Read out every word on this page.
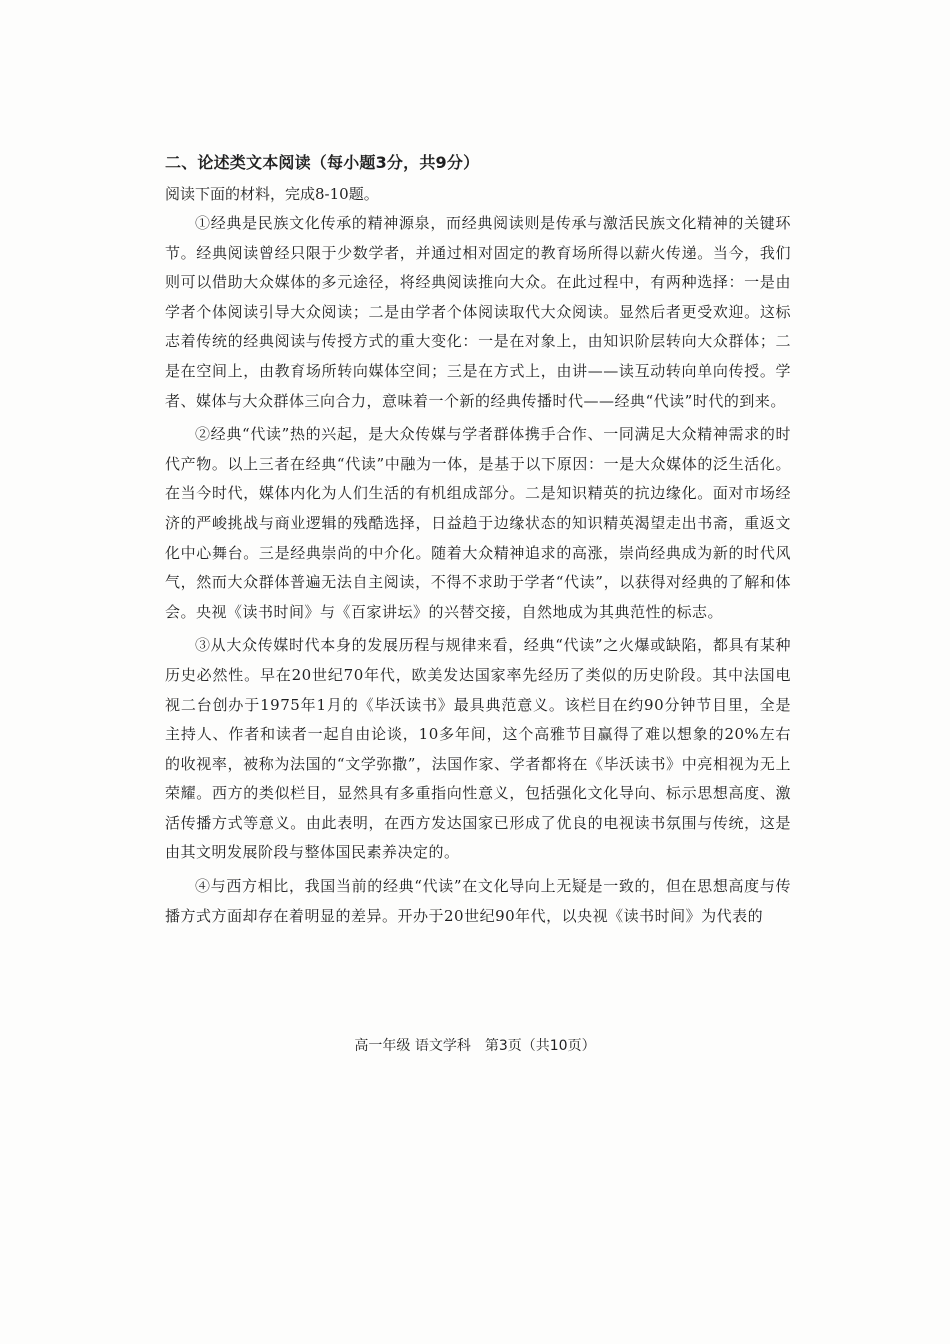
二、论述类文本阅读（每小题3分，共9分）

阅读下面的材料，完成8-10题。

①经典是民族文化传承的精神源泉，而经典阅读则是传承与激活民族文化精神的关键环节。经典阅读曾经只限于少数学者，并通过相对固定的教育场所得以薪火传递。当今，我们则可以借助大众媒体的多元途径，将经典阅读推向大众。在此过程中，有两种选择：一是由学者个体阅读引导大众阅读；二是由学者个体阅读取代大众阅读。显然后者更受欢迎。这标志着传统的经典阅读与传授方式的重大变化：一是在对象上，由知识阶层转向大众群体；二是在空间上，由教育场所转向媒体空间；三是在方式上，由讲——读互动转向单向传授。学者、媒体与大众群体三向合力，意味着一个新的经典传播时代——经典“代读”时代的到来。

②经典“代读”热的兴起，是大众传媒与学者群体携手合作、一同满足大众精神需求的时代产物。以上三者在经典“代读”中融为一体，是基于以下原因：一是大众媒体的泛生活化。在当今时代，媒体内化为人们生活的有机组成部分。二是知识精英的抗边缘化。面对市场经济的严峻挑战与商业逻辑的残酷选择，日益趋于边缘状态的知识精英渴望走出书斋，重返文化中心舞台。三是经典崇尚的中介化。随着大众精神追求的高涨，崇尚经典成为新的时代风气，然而大众群体普遍无法自主阅读，不得不求助于学者“代读”，以获得对经典的了解和体会。央视《读书时间》与《百家讲坛》的兴替交接，自然地成为其典范性的标志。

③从大众传媒时代本身的发展历程与规律来看，经典“代读”之火爆或缺陷，都具有某种历史必然性。早在20世纪70年代，欧美发达国家率先经历了类似的历史阶段。其中法国电视二台创办于1975年1月的《毕沃读书》最具典范意义。该栏目在约90分钟节目里，全是主持人、作者和读者一起自由论谈，10多年间，这个高雅节目赢得了难以想象的20%左右的收视率，被称为法国的“文学弥撒”，法国作家、学者都将在《毕沃读书》中亮相视为无上荣耀。西方的类似栏目，显然具有多重指向性意义，包括强化文化导向、标示思想高度、激活传播方式等意义。由此表明，在西方发达国家已形成了优良的电视读书氛围与传统，这是由其文明发展阶段与整体国民素养决定的。

④与西方相比，我国当前的经典“代读”在文化导向上无疑是一致的，但在思想高度与传播方式方面却存在着明显的差异。开办于20世纪90年代，以央视《读书时间》为代表的

高一年级 语文学科　第3页（共10页）
